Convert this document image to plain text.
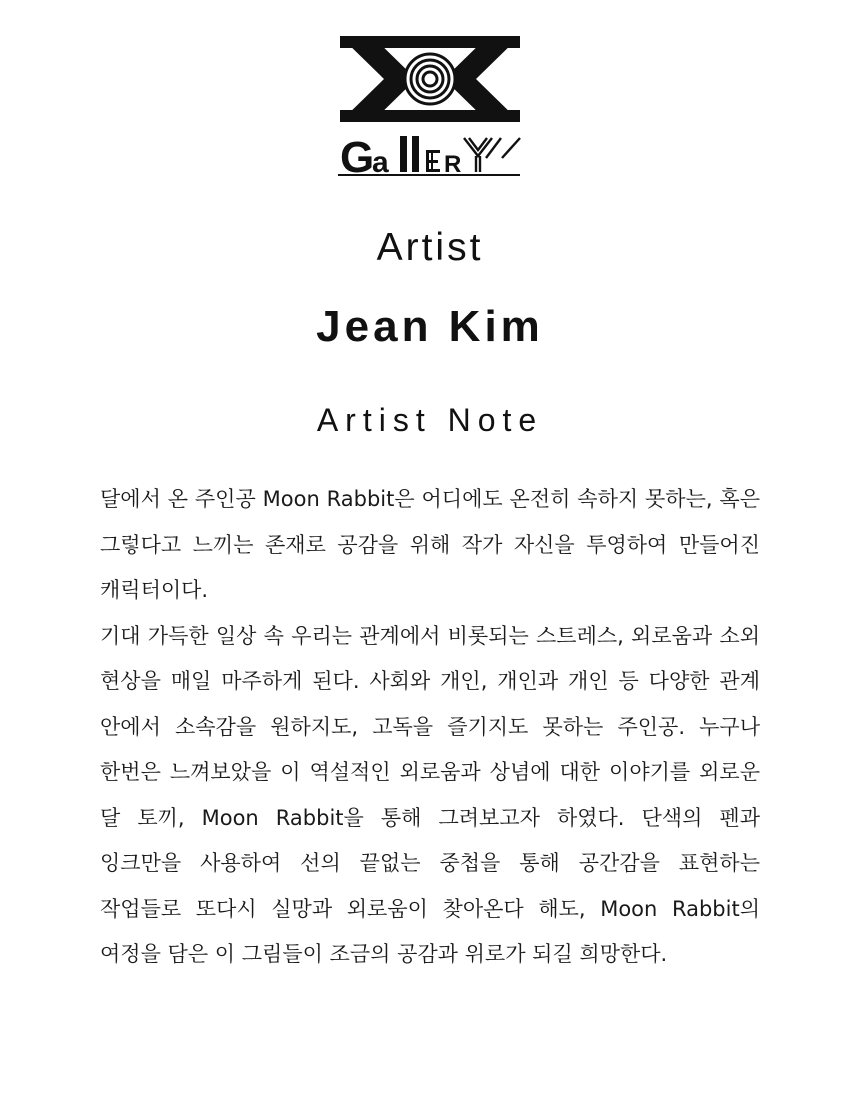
G
a R
Artist
Jean Kim
Artist Note

달에서 온 주인공 Moon Rabbit은 어디에도 온전히 속하지 못하는, 혹은 그렇다고 느끼는 존재로 공감을 위해 작가 자신을 투영하여 만들어진 캐릭터이다.

기대 가득한 일상 속 우리는 관계에서 비롯되는 스트레스, 외로움과 소외 현상을 매일 마주하게 된다. 사회와 개인, 개인과 개인 등 다양한 관계 안에서 소속감을 원하지도, 고독을 즐기지도 못하는 주인공. 누구나 한번은 느껴보았을 이 역설적인 외로움과 상념에 대한 이야기를 외로운 달 토끼, Moon Rabbit을 통해 그려보고자 하였다. 단색의 펜과 잉크만을 사용하여 선의 끝없는 중첩을 통해 공간감을 표현하는 작업들로 또다시 실망과 외로움이 찾아온다 해도, Moon Rabbit의 여정을 담은 이 그림들이 조금의 공감과 위로가 되길 희망한다.
